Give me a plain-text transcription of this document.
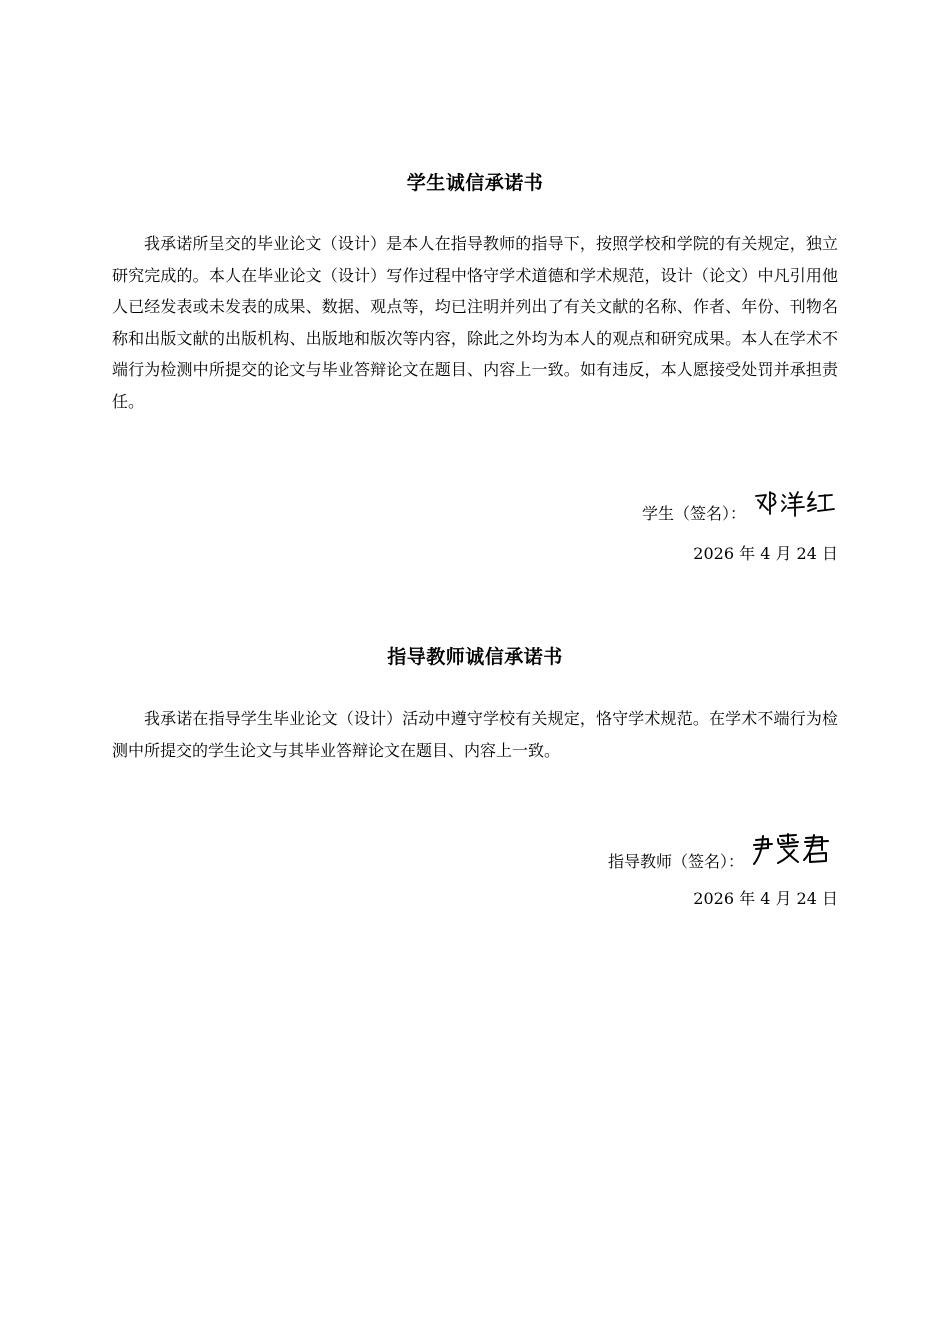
学生诚信承诺书

我承诺所呈交的毕业论文（设计）是本人在指导教师的指导下，按照学校和学院的有关规定，独立研究完成的。本人在毕业论文（设计）写作过程中恪守学术道德和学术规范，设计（论文）中凡引用他人已经发表或未发表的成果、数据、观点等，均已注明并列出了有关文献的名称、作者、年份、刊物名称和出版文献的出版机构、出版地和版次等内容，除此之外均为本人的观点和研究成果。本人在学术不端行为检测中所提交的论文与毕业答辩论文在题目、内容上一致。如有违反，本人愿接受处罚并承担责任。

学生（签名）：
2026 年 4 月 24 日
指导教师诚信承诺书

我承诺在指导学生毕业论文（设计）活动中遵守学校有关规定，恪守学术规范。在学术不端行为检测中所提交的学生论文与其毕业答辩论文在题目、内容上一致。

指导教师（签名）：
2026 年 4 月 24 日
